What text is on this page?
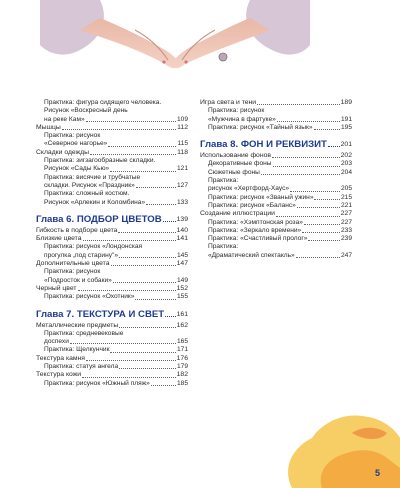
Практика: фигура сидящего человека.
Рисунок «Воскресный день
на реке Кам»	109
Мышцы	112
Практика: рисунок
«Северное нагорье»	115
Складки одежды	118
Практика: зигзагообразные складки.
Рисунок «Сады Кью»	121
Практика: висячие и трубчатые
складки. Рисунок «Праздник»	127
Практика: сложный костюм.
Рисунок «Арлекин и Коломбина»	133
Глава 6. ПОДБОР ЦВЕТОВ 139
Гибкость в подборе цвета	140
Близкие цвета	141
Практика: рисунок «Лондонская
прогулка „под старину"»	145
Дополнительные цвета	147
Практика: рисунок
«Подросток и собаки»	149
Черный цвет	152
Практика: рисунок «Охотник»	155
Глава 7. ТЕКСТУРА И СВЕТ 161
Металлические предметы	162
Практика: средневековые
доспехи	165
Практика: Щелкунчик	171
Текстура камня	176
Практика: статуя ангела	179
Текстура кожи	182
Практика: рисунок «Южный пляж»	185
Игра света и тени	189
Практика: рисунок
«Мужчина в фартуке»	191
Практика: рисунок «Тайный язык»	195
Глава 8. ФОН И РЕКВИЗИТ 201
Использование фонов	202
Декоративные фоны	203
Сюжетные фоны	204
Практика:
рисунок «Хертфорд-Хаус»	205
Практика: рисунок «Званый ужин»	215
Практика: рисунок «Баланс»	221
Создание иллюстрации	227
Практика: «Хэмптонская роза»	227
Практика: «Зеркало времени»	233
Практика: «Счастливый пролог»	239
Практика:
«Драматический спектакль»	247
5
